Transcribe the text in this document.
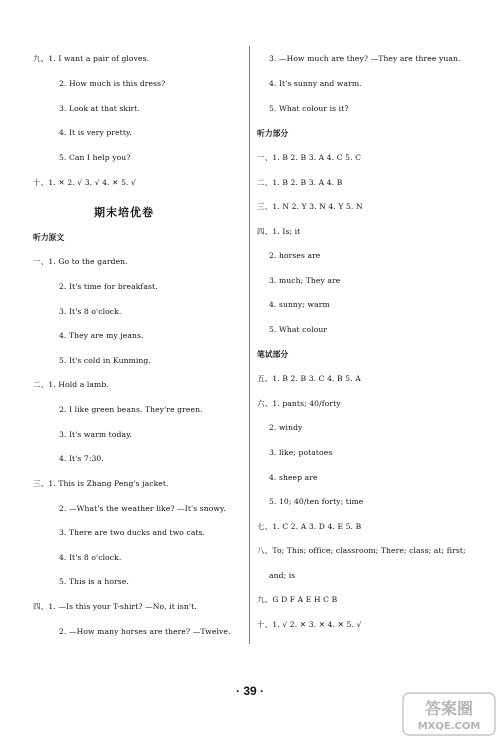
九、1. I want a pair of gloves.
2. How much is this dress?
3. Look at that skirt.
4. It is very pretty.
5. Can I help you?
十、1. ✕ 2. √ 3. √ 4. ✕ 5. √
期末培优卷
听力原文
一、1. Go to the garden.
2. It's time for breakfast.
3. It's 8 o'clock.
4. They are my jeans.
5. It's cold in Kunming.
二、1. Hold a lamb.
2. I like green beans. They're green.
3. It's warm today.
4. It's 7:30.
三、1. This is Zhang Peng's jacket.
2. —What's the weather like? —It's snowy.
3. There are two ducks and two cats.
4. It's 8 o'clock.
5. This is a horse.
四、1. —Is this your T-shirt? —No, it isn't.
2. —How many horses are there? —Twelve.
3. —How much are they? —They are three yuan.
4. It's sunny and warm.
5. What colour is it?
听力部分
一、1. B 2. B 3. A 4. C 5. C
二、1. B 2. B 3. A 4. B
三、1. N 2. Y 3. N 4. Y 5. N
四、1. Is; it
2. horses are
3. much; They are
4. sunny; warm
5. What colour
笔试部分
五、1. B 2. B 3. C 4. B 5. A
六、1. pants; 40/forty
2. windy
3. like; potatoes
4. sheep are
5. 10; 40/ten forty; time
七、1. C 2. A 3. D 4. E 5. B
八、To; This; office; classroom; There; class; at; first;
and; is
九、G D F A E H C B
十、1. √ 2. ✕ 3. ✕ 4. ✕ 5. √
· 39 ·
答案圈
MXQE.COM
